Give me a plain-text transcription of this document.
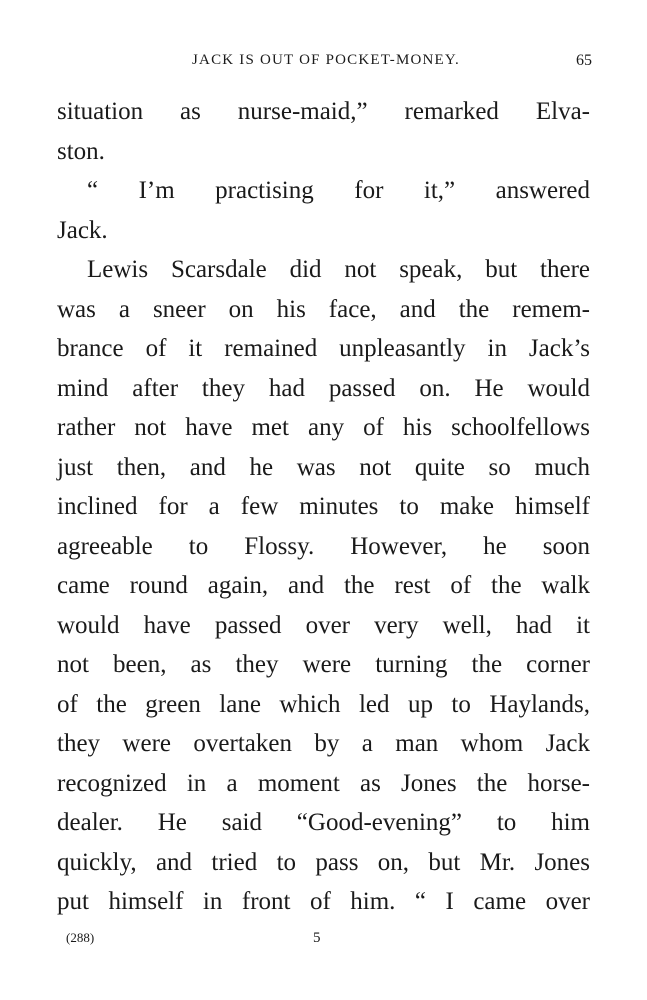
JACK IS OUT OF POCKET-MONEY.	65
situation as nurse-maid,” remarked Elva-
ston.
“ I’m practising for it,” answered
Jack.
Lewis Scarsdale did not speak, but there
was a sneer on his face, and the remem-
brance of it remained unpleasantly in Jack’s
mind after they had passed on. He would
rather not have met any of his schoolfellows
just then, and he was not quite so much
inclined for a few minutes to make himself
agreeable to Flossy. However, he soon
came round again, and the rest of the walk
would have passed over very well, had it
not been, as they were turning the corner
of the green lane which led up to Haylands,
they were overtaken by a man whom Jack
recognized in a moment as Jones the horse-
dealer. He said “Good-evening” to him
quickly, and tried to pass on, but Mr. Jones
put himself in front of him. “ I came over
(288)	5
